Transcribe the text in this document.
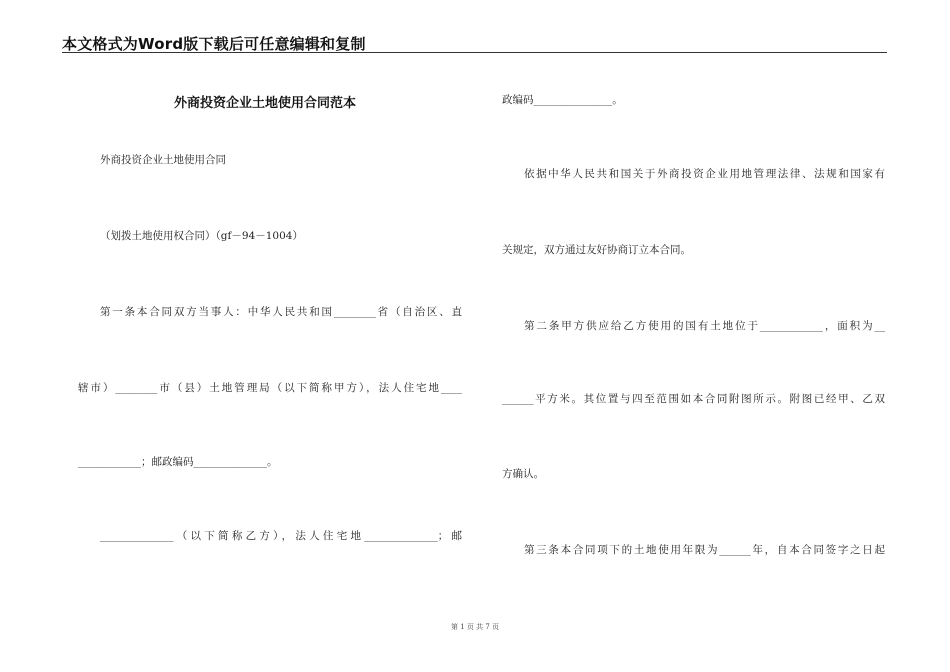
本文格式为Word版下载后可任意编辑和复制
外商投资企业土地使用合同范本
外商投资企业土地使用合同
（划拨土地使用权合同）（gf－94－1004）
第一条本合同双方当事人：中华人民共和国________省（自治区、直
辖市）________市（县）土地管理局（以下简称甲方），法人住宅地____
____________；邮政编码______________。
______________（以下简称乙方），法人住宅地______________；邮
政编码_______________。
依据中华人民共和国关于外商投资企业用地管理法律、法规和国家有
关规定，双方通过友好协商订立本合同。
第二条甲方供应给乙方使用的国有土地位于____________，面积为__
______平方米。其位置与四至范围如本合同附图所示。附图已经甲、乙双
方确认。
第三条本合同项下的土地使用年限为______年，自本合同签字之日起
第 1 页 共 7 页
